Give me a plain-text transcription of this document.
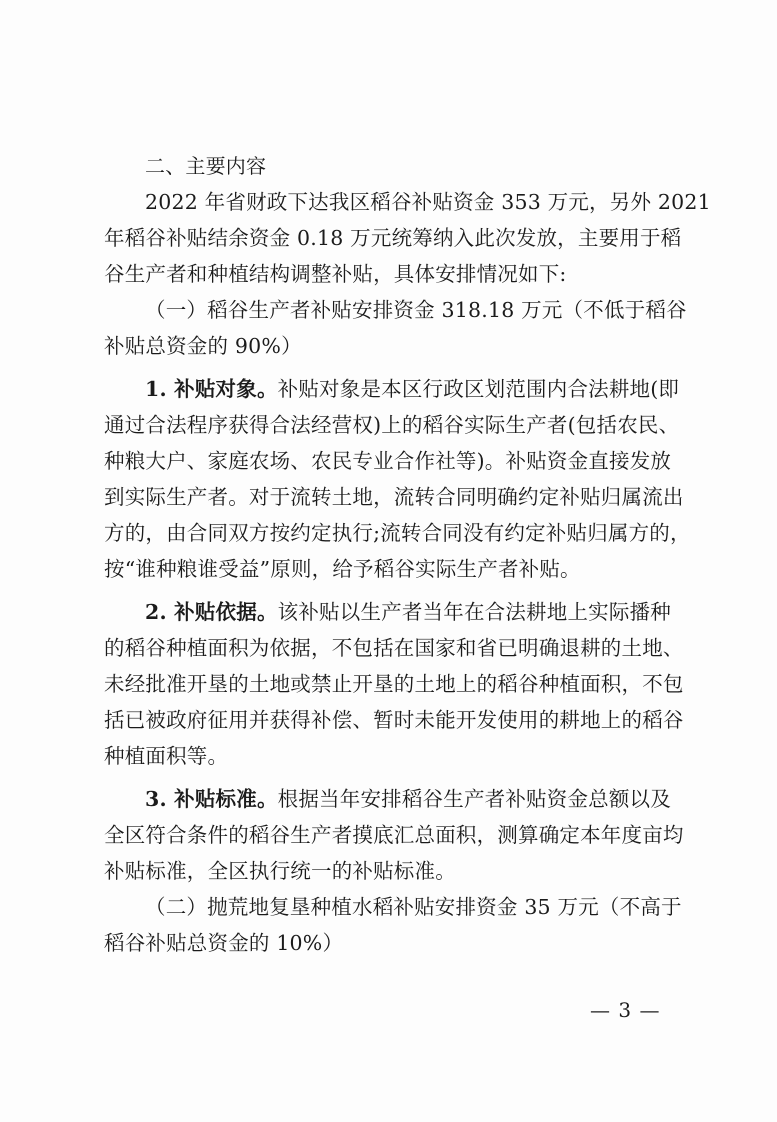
二、主要内容
2022 年省财政下达我区稻谷补贴资金 353 万元，另外 2021
年稻谷补贴结余资金 0.18 万元统筹纳入此次发放，主要用于稻
谷生产者和种植结构调整补贴，具体安排情况如下:
（一）稻谷生产者补贴安排资金 318.18 万元（不低于稻谷
补贴总资金的 90%）
1. 补贴对象。补贴对象是本区行政区划范围内合法耕地(即
通过合法程序获得合法经营权)上的稻谷实际生产者(包括农民、
种粮大户、家庭农场、农民专业合作社等)。补贴资金直接发放
到实际生产者。对于流转土地，流转合同明确约定补贴归属流出
方的，由合同双方按约定执行;流转合同没有约定补贴归属方的，
按“谁种粮谁受益”原则，给予稻谷实际生产者补贴。
2. 补贴依据。该补贴以生产者当年在合法耕地上实际播种
的稻谷种植面积为依据，不包括在国家和省已明确退耕的土地、
未经批准开垦的土地或禁止开垦的土地上的稻谷种植面积，不包
括已被政府征用并获得补偿、暂时未能开发使用的耕地上的稻谷
种植面积等。
3. 补贴标准。根据当年安排稻谷生产者补贴资金总额以及
全区符合条件的稻谷生产者摸底汇总面积，测算确定本年度亩均
补贴标准，全区执行统一的补贴标准。
（二）抛荒地复垦种植水稻补贴安排资金 35 万元（不高于
稻谷补贴总资金的 10%）
— 3 —
